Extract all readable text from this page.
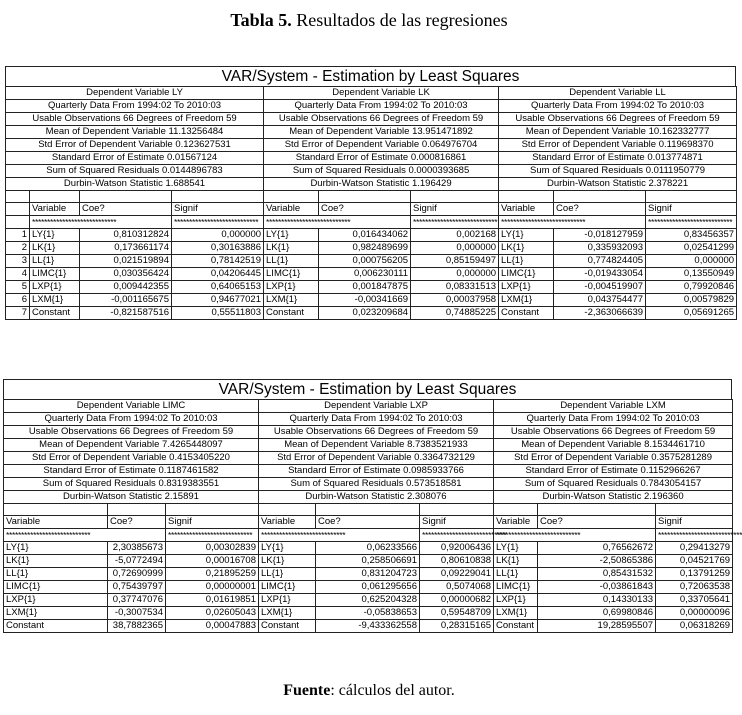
Tabla 5. Resultados de las regresiones
VAR/System - Estimation by Least Squares
Dependent Variable LY				Dependent Variable LK			Dependent Variable LL		
Quarterly Data From 1994:02 To 2010:03				Quarterly Data From 1994:02 To 2010:03			Quarterly Data From 1994:02 To 2010:03		
Usable Observations 66 Degrees of Freedom 59				Usable Observations 66 Degrees of Freedom 59			Usable Observations 66 Degrees of Freedom 59		
Mean of Dependent Variable 11.13256484				Mean of Dependent Variable 13.951471892			Mean of Dependent Variable 10.162332777		
Std Error of Dependent Variable 0.123627531				Std Error of Dependent Variable 0.064976704			Std Error of Dependent Variable 0.119698370		
Standard Error of Estimate 0.01567124				Standard Error of Estimate 0.000816861			Standard Error of Estimate 0.013774871		
Sum of Squared Residuals 0.0144896783				Sum of Squared Residuals 0.0000393685			Sum of Squared Residuals 0.0111950779		
Durbin-Watson Statistic 1.688541				Durbin-Watson Statistic 1.196429			Durbin-Watson Statistic 2.378221		

	Variable	Coe?	Signif	Variable	Coe?	Signif	Variable	Coe?	Signif
	****************************		****************************	****************************		****************************	****************************		****************************
1	LY{1}	0,810312824	0,000000	LY{1}	0,016434062	0,002168	LY{1}	-0,018127959	0,83456357
2	LK{1}	0,173661174	0,30163886	LK{1}	0,982489699	0,000000	LK{1}	0,335932093	0,02541299
3	LL{1}	0,021519894	0,78142519	LL{1}	0,000756205	0,85159497	LL{1}	0,774824405	0,000000
4	LIMC{1}	0,030356424	0,04206445	LIMC{1}	0,006230111	0,000000	LIMC{1}	-0,019433054	0,13550949
5	LXP{1}	0,009442355	0,64065153	LXP{1}	0,001847875	0,08331513	LXP{1}	-0,004519907	0,79920846
6	LXM{1}	-0,001165675	0,94677021	LXM{1}	-0,00341669	0,00037958	LXM{1}	0,043754477	0,00579829
7	Constant	-0,821587516	0,55511803	Constant	0,023209684	0,74885225	Constant	-2,363066639	0,05691265
VAR/System - Estimation by Least Squares
Dependent Variable LIMC			Dependent Variable LXP			Dependent Variable LXM		
Quarterly Data From 1994:02 To 2010:03			Quarterly Data From 1994:02 To 2010:03			Quarterly Data From 1994:02 To 2010:03		
Usable Observations 66 Degrees of Freedom 59			Usable Observations 66 Degrees of Freedom 59			Usable Observations 66 Degrees of Freedom 59		
Mean of Dependent Variable 7.4265448097			Mean of Dependent Variable 8.7383521933			Mean of Dependent Variable 8.1534461710		
Std Error of Dependent Variable 0.4153405220			Std Error of Dependent Variable 0.3364732129			Std Error of Dependent Variable 0.3575281289		
Standard Error of Estimate 0.1187461582			Standard Error of Estimate 0.0985933766			Standard Error of Estimate 0.1152966267		
Sum of Squared Residuals 0.8319383551			Sum of Squared Residuals 0.573518581			Sum of Squared Residuals 0.7843054157		
Durbin-Watson Statistic 2.15891			Durbin-Watson Statistic 2.308076			Durbin-Watson Statistic 2.196360		

Variable	Coe?	Signif	Variable	Coe?	Signif	Variable	Coe?	Signif
****************************		****************************	****************************		****************************	****************************		****************************
LY{1}	2,30385673	0,00302839	LY{1}	0,06233566	0,92006436	LY{1}	0,76562672	0,29413279
LK{1}	-5,0772494	0,00016708	LK{1}	0,258506691	0,80610838	LK{1}	-2,50865386	0,04521769
LL{1}	0,72690999	0,21895259	LL{1}	0,831204723	0,09229041	LL{1}	0,85431532	0,13791259
LIMC{1}	0,75439797	0,00000001	LIMC{1}	0,061295656	0,5074068	LIMC{1}	-0,03861843	0,72063538
LXP{1}	0,37747076	0,01619851	LXP{1}	0,625204328	0,00000682	LXP{1}	0,14330133	0,33705641
LXM{1}	-0,3007534	0,02605043	LXM{1}	-0,05838653	0,59548709	LXM{1}	0,69980846	0,00000096
Constant	38,7882365	0,00047883	Constant	-9,433362558	0,28315165	Constant	19,28595507	0,06318269
Fuente: cálculos del autor.
